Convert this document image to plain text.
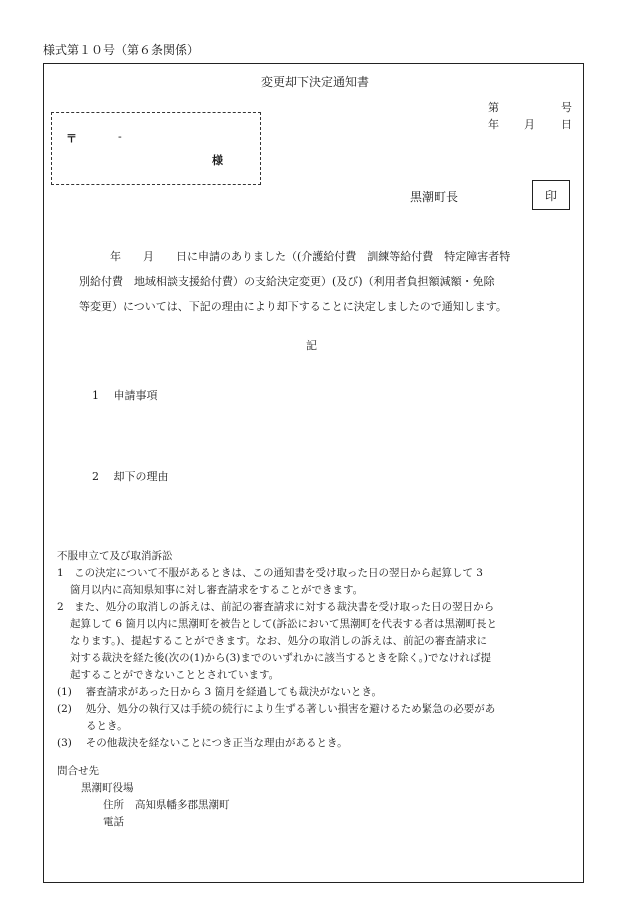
様式第１０号（第６条関係）
変更却下決定通知書
第	号
年 月 日
〒	-
様
黒潮町長	印
年　　月　　日に申請のありました（(介護給付費　訓練等給付費　特定障害者特
別給付費　地域相談支援給付費）の支給決定変更）(及び)（利用者負担額減額・免除
等変更）については、下記の理由により却下することに決定しましたので通知します。
記
1　 申請事項
2　 却下の理由
不服申立て及び取消訴訟
1　この決定について不服があるときは、この通知書を受け取った日の翌日から起算して 3
箇月以内に高知県知事に対し審査請求をすることができます。
2　また、処分の取消しの訴えは、前記の審査請求に対する裁決書を受け取った日の翌日から
起算して 6 箇月以内に黒潮町を被告として(訴訟において黒潮町を代表する者は黒潮町長と
なります。)、提起することができます。なお、処分の取消しの訴えは、前記の審査請求に
対する裁決を経た後(次の(1)から(3)までのいずれかに該当するときを除く。)でなければ提
起することができないこととされています。
(1)　 審査請求があった日から 3 箇月を経過しても裁決がないとき。
(2)　 処分、処分の執行又は手続の続行により生ずる著しい損害を避けるため緊急の必要があ
るとき。
(3)　 その他裁決を経ないことにつき正当な理由があるとき。
問合せ先
黒潮町役場
住所 高知県幡多郡黒潮町
電話
